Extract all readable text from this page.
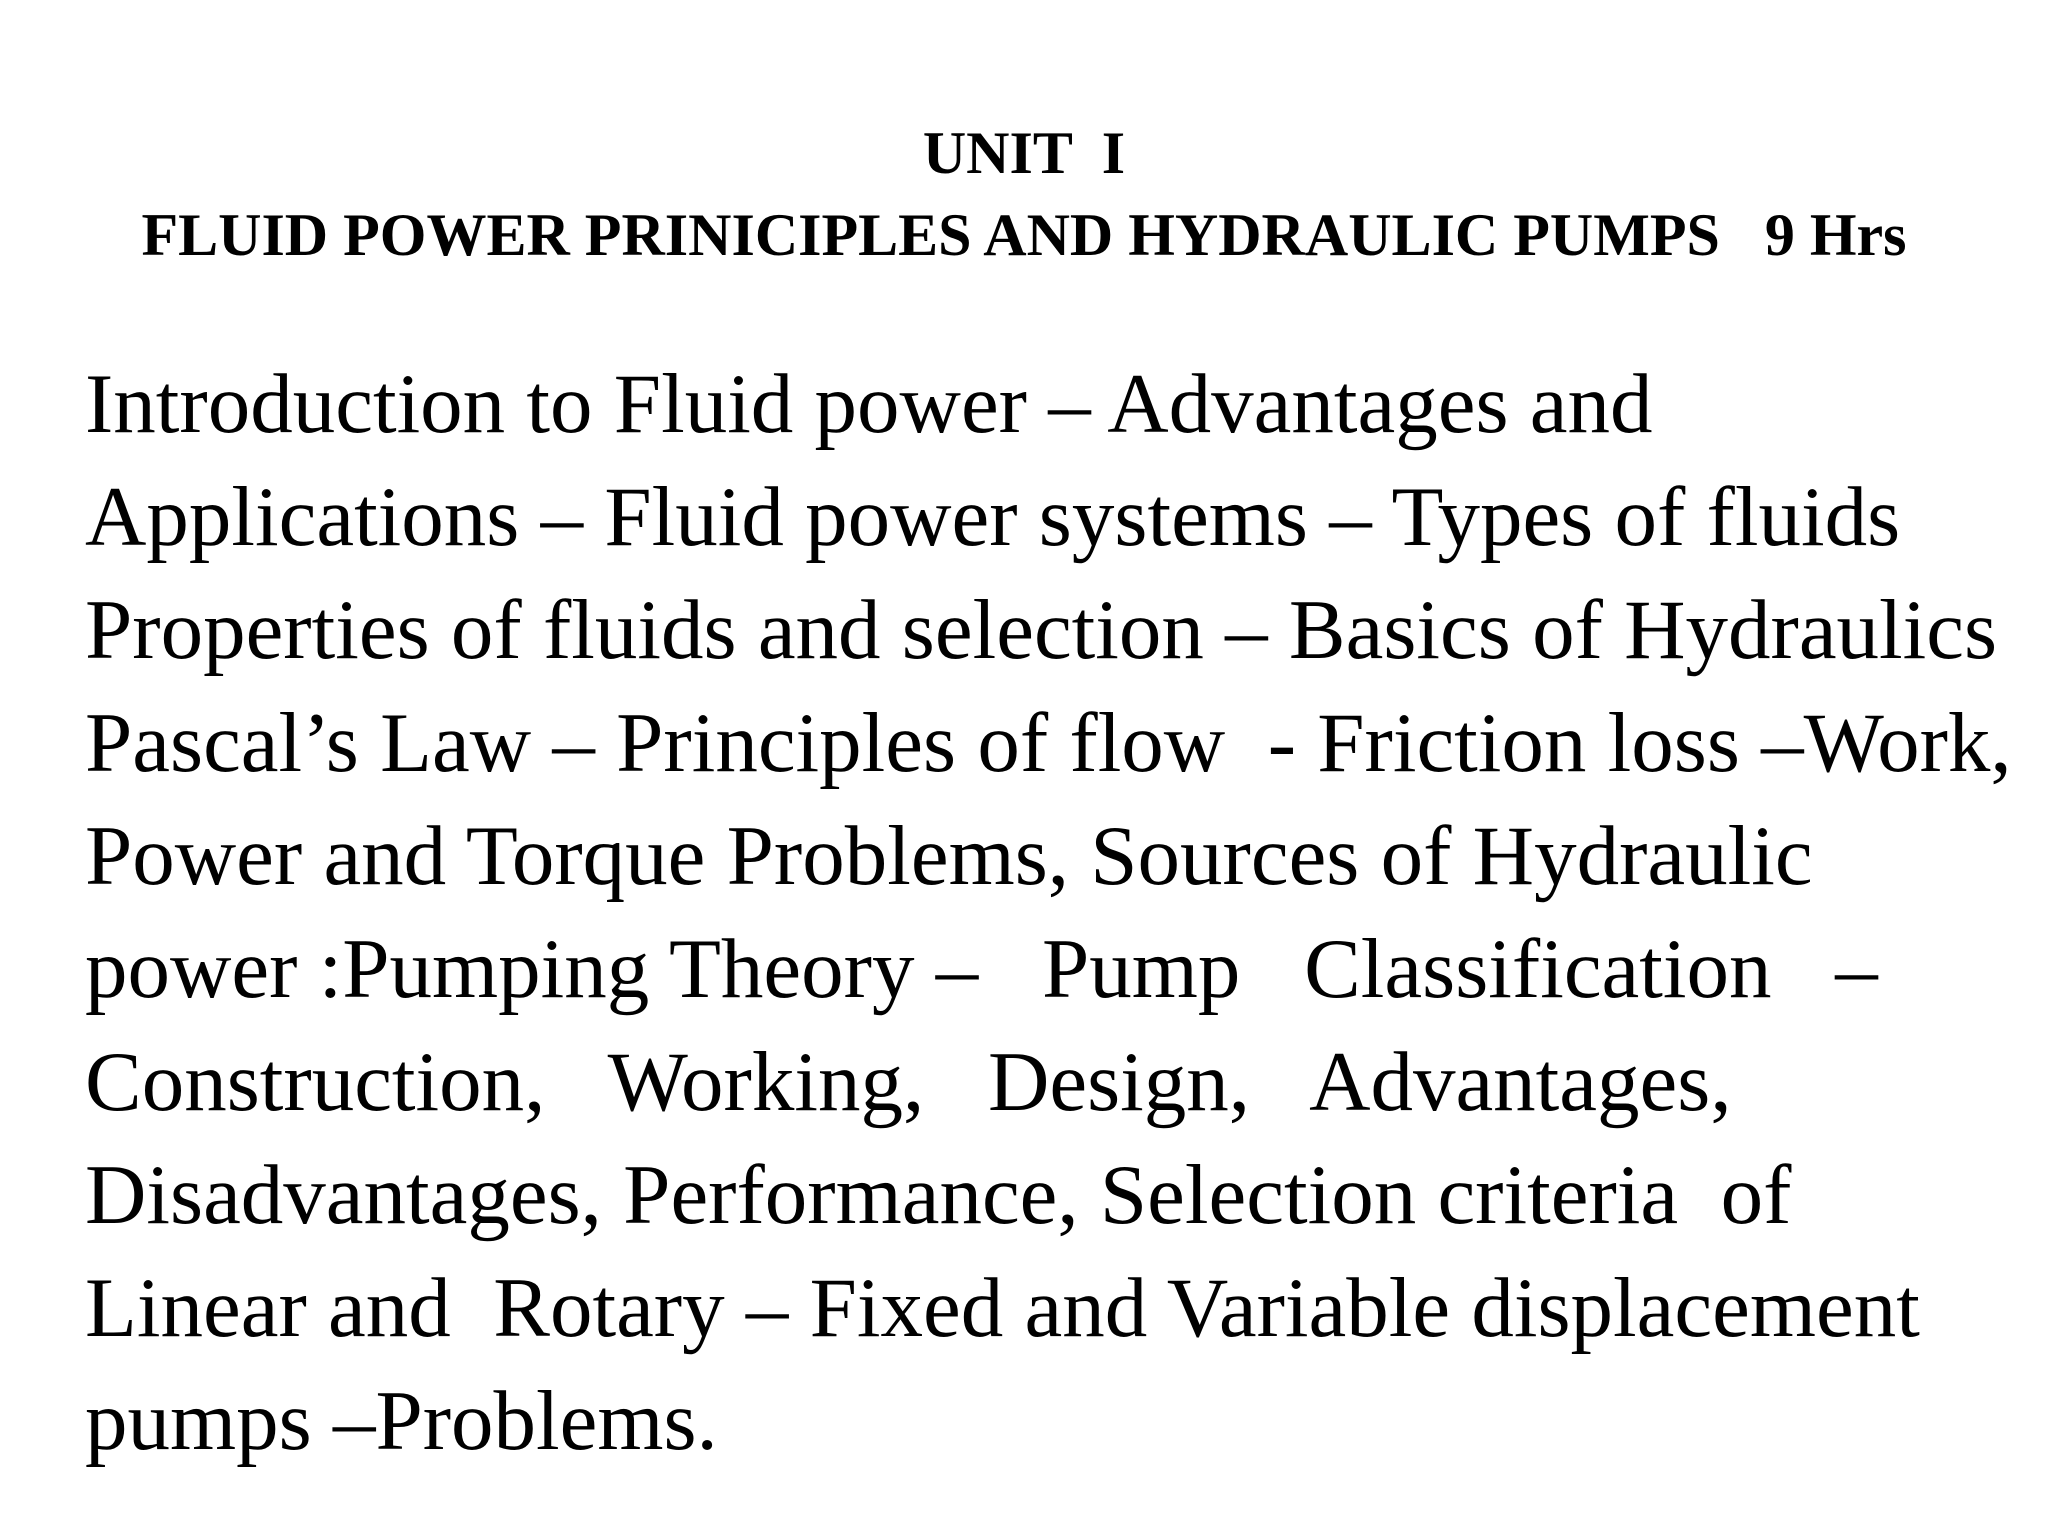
UNIT  I
FLUID POWER PRINICIPLES AND HYDRAULIC PUMPS   9 Hrs
Introduction to Fluid power – Advantages and
Applications – Fluid power systems – Types of fluids
Properties of fluids and selection – Basics of Hydraulics
Pascal’s Law – Principles of flow  - Friction loss –Work,
Power and Torque Problems, Sources of Hydraulic
power :Pumping Theory –   Pump   Classification   –
Construction,   Working,   Design,   Advantages,
Disadvantages, Performance, Selection criteria  of
Linear and  Rotary – Fixed and Variable displacement
pumps –Problems.
